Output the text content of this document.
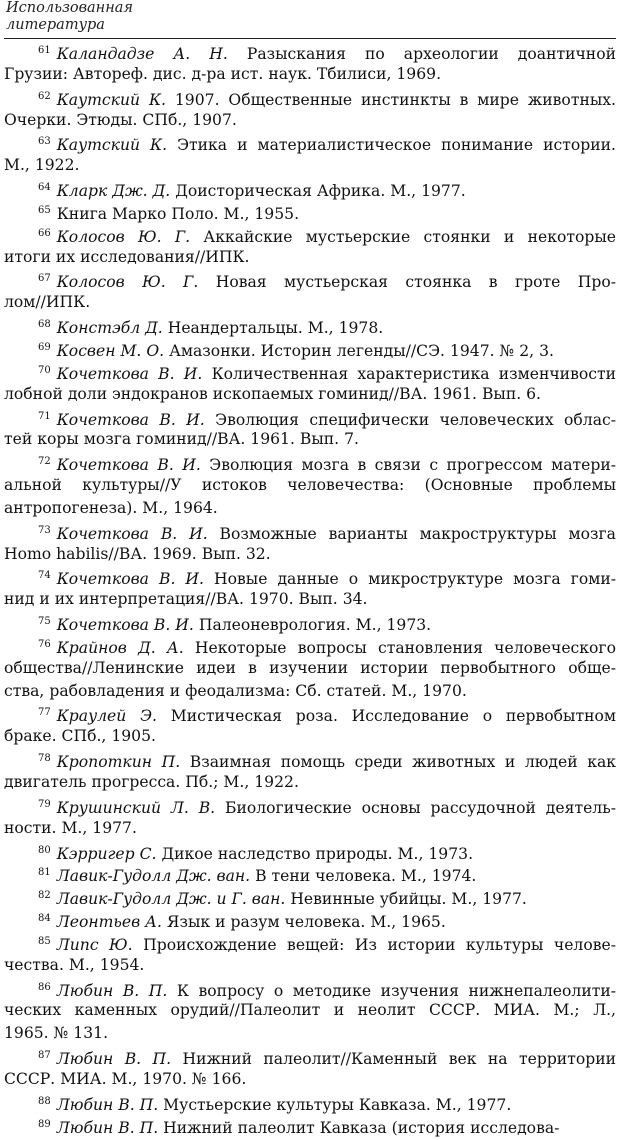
Использованная
литература
$^{61}$ Каландадзе А. Н. Разыскания по археологии доантичной
Грузии: Автореф. дис. д-ра ист. наук. Тбилиси, 1969.
$^{62}$ Каутский К. 1907. Общественные инстинкты в мире животных.
Очерки. Этюды. СПб., 1907.
$^{63}$ Каутский К. Этика и материалистическое понимание истории.
М., 1922.
$^{64}$ Кларк Дж. Д. Доисторическая Африка. М., 1977.
$^{65}$ Книга Марко Поло. М., 1955.
$^{66}$ Колосов Ю. Г. Аккайские мустьерские стоянки и некоторые
итоги их исследования//ИПК.
$^{67}$ Колосов Ю. Г. Новая мустьерская стоянка в гроте Про-
лом//ИПК.
$^{68}$ Констэбл Д. Неандертальцы. М., 1978.
$^{69}$ Косвен М. О. Амазонки. Историн легенды//СЭ. 1947. № 2, 3.
$^{70}$ Кочеткова В. И. Количественная характеристика изменчивости
лобной доли эндокранов ископаемых гоминид//ВА. 1961. Вып. 6.
$^{71}$ Кочеткова В. И. Эволюция специфически человеческих облас-
тей коры мозга гоминид//ВА. 1961. Вып. 7.
$^{72}$ Кочеткова В. И. Эволюция мозга в связи с прогрессом матери-
альной культуры//У истоков человечества: (Основные проблемы
антропогенеза). М., 1964.
$^{73}$ Кочеткова В. И. Возможные варианты макроструктуры мозга
Homo habilis//ВА. 1969. Вып. 32.
$^{74}$ Кочеткова В. И. Новые данные о микроструктуре мозга гоми-
нид и их интерпретация//ВА. 1970. Вып. 34.
$^{75}$ Кочеткова В. И. Палеоневрология. М., 1973.
$^{76}$ Крайнов Д. А. Некоторые вопросы становления человеческого
общества//Ленинские идеи в изучении истории первобытного обще-
ства, рабовладения и феодализма: Сб. статей. М., 1970.
$^{77}$ Краулей Э. Мистическая роза. Исследование о первобытном
браке. СПб., 1905.
$^{78}$ Кропоткин П. Взаимная помощь среди животных и людей как
двигатель прогресса. Пб.; М., 1922.
$^{79}$ Крушинский Л. В. Биологические основы рассудочной деятель-
ности. М., 1977.
$^{80}$ Кэрригер С. Дикое наследство природы. М., 1973.
$^{81}$ Лавик-Гудолл Дж. ван. В тени человека. М., 1974.
$^{82}$ Лавик-Гудолл Дж. и Г. ван. Невинные убийцы. М., 1977.
$^{84}$ Леонтьев А. Язык и разум человека. М., 1965.
$^{85}$ Липс Ю. Происхождение вещей: Из истории культуры челове-
чества. М., 1954.
$^{86}$ Любин В. П. К вопросу о методике изучения нижнепалеолити-
ческих каменных орудий//Палеолит и неолит СССР. МИА. М.; Л.,
1965. № 131.
$^{87}$ Любин В. П. Нижний палеолит//Каменный век на территории
СССР. МИА. М., 1970. № 166.
$^{88}$ Любин В. П. Мустьерские культуры Кавказа. М., 1977.
$^{89}$ Любин В. П. Нижний палеолит Кавказа (история исследова-
